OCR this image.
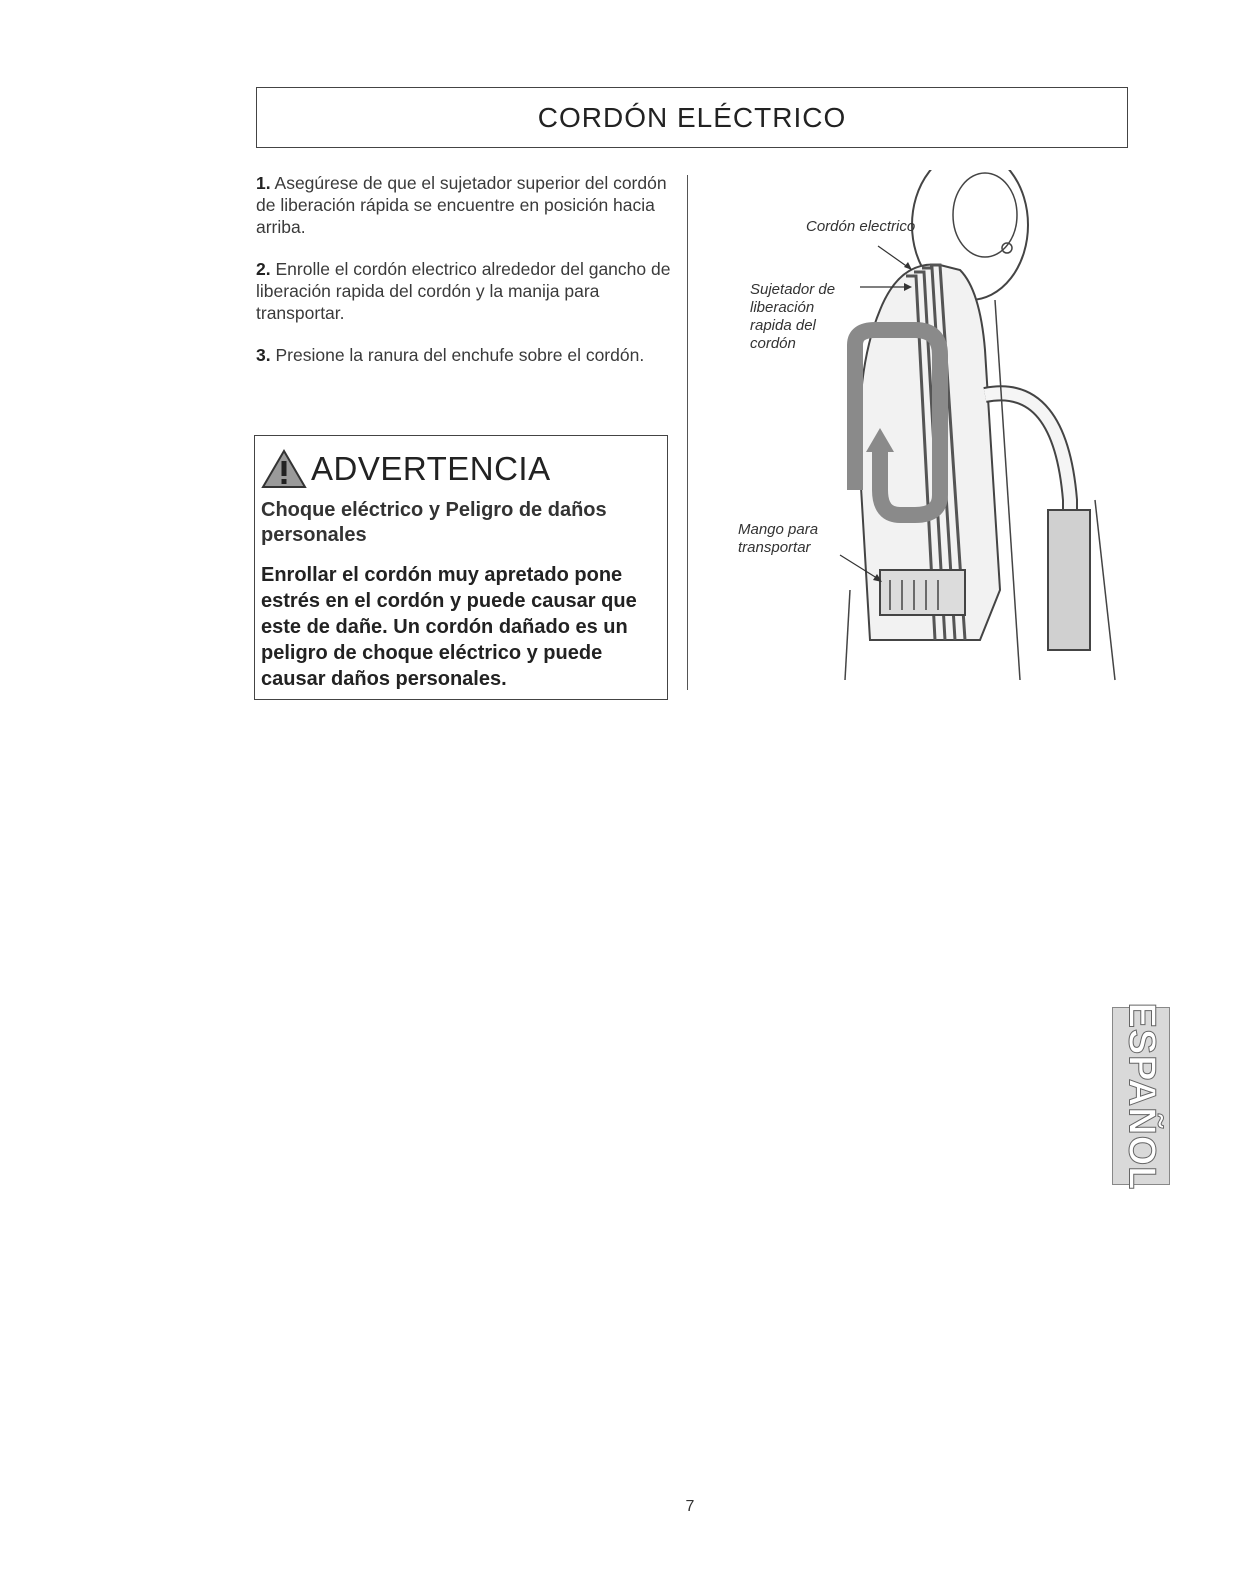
CORDÓN ELÉCTRICO

1. Asegúrese de que el sujetador superior del cordón de liberación rápida se encuentre en posición hacia arriba.

2. Enrolle el cordón electrico alrededor del gancho de liberación rapida del cordón y la manija para transportar.

3. Presione la ranura del enchufe sobre el cordón.

ADVERTENCIA
Choque eléctrico y Peligro de daños personales
Enrollar el cordón muy apretado pone estrés en el cordón y puede causar que este de dañe. Un cordón dañado es un peligro de choque eléctrico y puede causar daños personales.
Cordón electrico
Sujetador de liberación rapida del cordón
Mango para transportar
ESPAÑOL
7
